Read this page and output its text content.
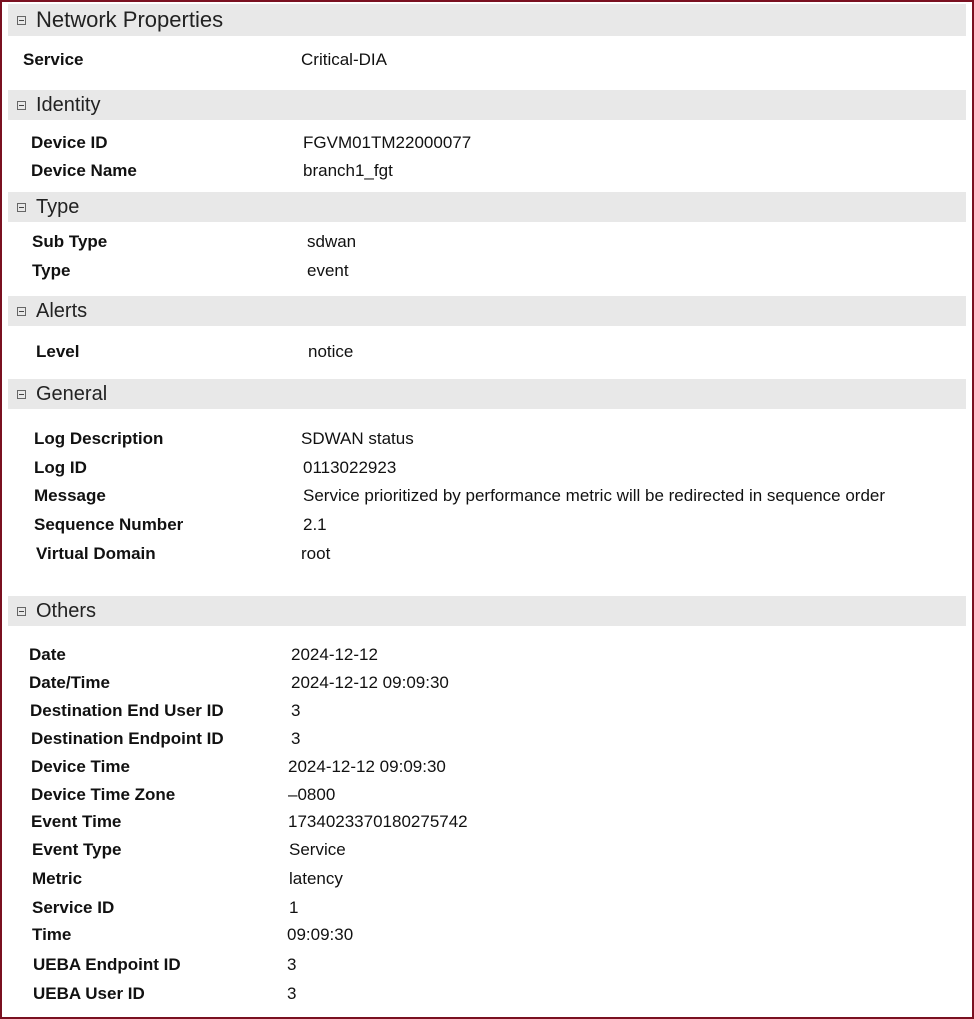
Network Properties
Service	Critical-DIA
Identity
Device ID	FGVM01TM22000077
Device Name	branch1_fgt
Type
Sub Type	sdwan
Type	event
Alerts
Level	notice
General
Log Description	SDWAN status
Log ID	0113022923
Message	Service prioritized by performance metric will be redirected in sequence order
Sequence Number	2.1
Virtual Domain	root
Others
Date	2024-12-12
Date/Time	2024-12-12 09:09:30
Destination End User ID	3
Destination Endpoint ID	3
Device Time	2024-12-12 09:09:30
Device Time Zone	–0800
Event Time	1734023370180275742
Event Type	Service
Metric	latency
Service ID	1
Time	09:09:30
UEBA Endpoint ID	3
UEBA User ID	3
